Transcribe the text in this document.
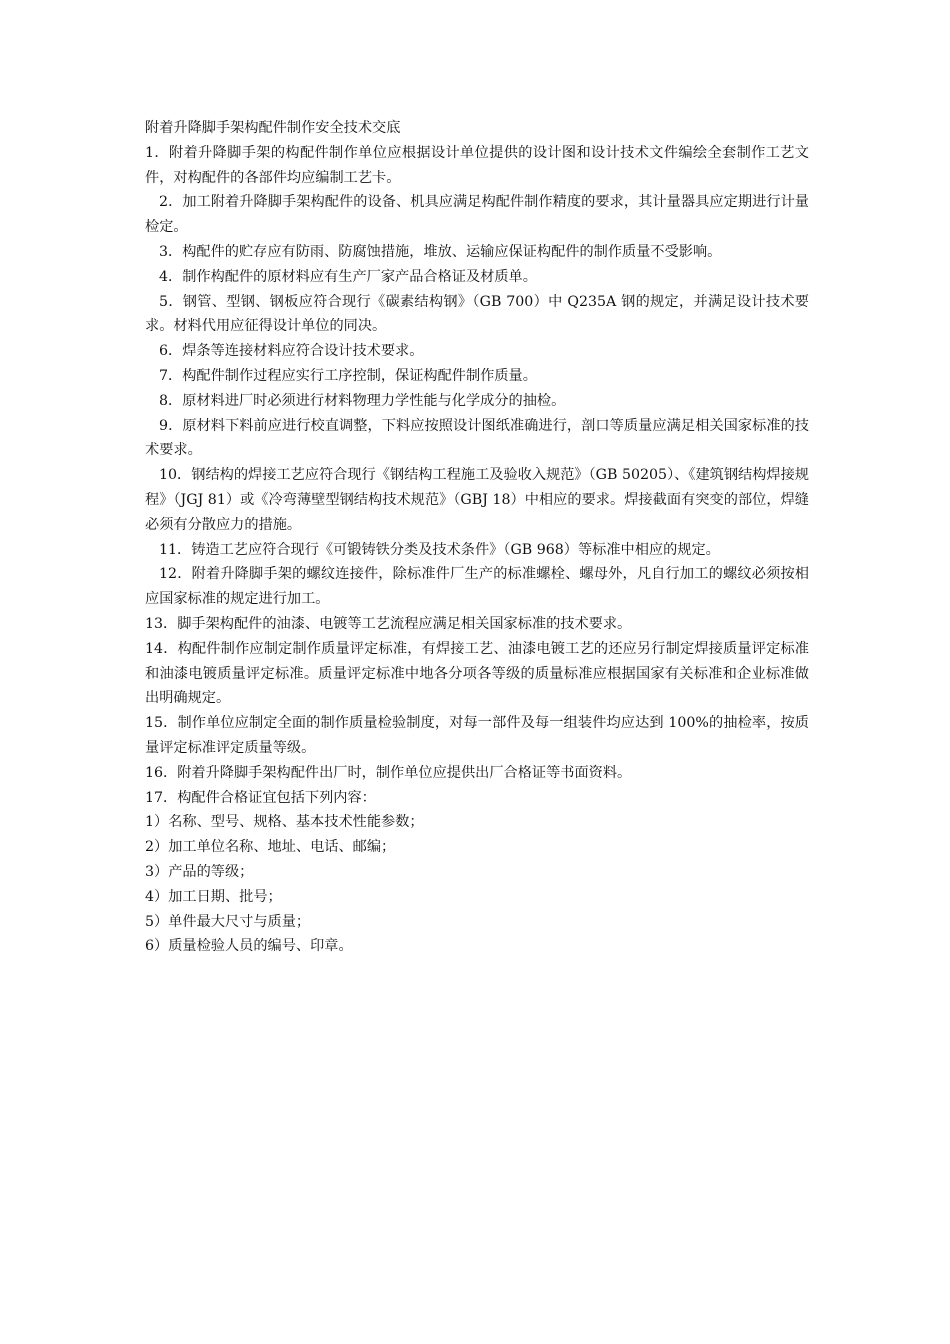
附着升降脚手架构配件制作安全技术交底

1．附着升降脚手架的构配件制作单位应根据设计单位提供的设计图和设计技术文件编绘全套制作工艺文件，对构配件的各部件均应编制工艺卡。

2．加工附着升降脚手架构配件的设备、机具应满足构配件制作精度的要求，其计量器具应定期进行计量检定。

3．构配件的贮存应有防雨、防腐蚀措施，堆放、运输应保证构配件的制作质量不受影响。

4．制作构配件的原材料应有生产厂家产品合格证及材质单。

5．钢管、型钢、钢板应符合现行《碳素结构钢》（GB 700）中 Q235A 钢的规定，并满足设计技术要求。材料代用应征得设计单位的同决。

6．焊条等连接材料应符合设计技术要求。

7．构配件制作过程应实行工序控制，保证构配件制作质量。

8．原材料进厂时必须进行材料物理力学性能与化学成分的抽检。

9．原材料下料前应进行校直调整，下料应按照设计图纸准确进行，剖口等质量应满足相关国家标准的技术要求。

10．钢结构的焊接工艺应符合现行《钢结构工程施工及验收入规范》（GB 50205）、《建筑钢结构焊接规程》（JGJ 81）或《冷弯薄壁型钢结构技术规范》（GBJ 18）中相应的要求。焊接截面有突变的部位，焊缝必须有分散应力的措施。

11．铸造工艺应符合现行《可锻铸铁分类及技术条件》（GB 968）等标准中相应的规定。

12．附着升降脚手架的螺纹连接件，除标准件厂生产的标准螺栓、螺母外，凡自行加工的螺纹必须按相应国家标准的规定进行加工。

13．脚手架构配件的油漆、电镀等工艺流程应满足相关国家标准的技术要求。

14．构配件制作应制定制作质量评定标准，有焊接工艺、油漆电镀工艺的还应另行制定焊接质量评定标准和油漆电镀质量评定标准。质量评定标准中地各分项各等级的质量标准应根据国家有关标准和企业标准做出明确规定。

15．制作单位应制定全面的制作质量检验制度，对每一部件及每一组装件均应达到 100%的抽检率，按质量评定标准评定质量等级。

16．附着升降脚手架构配件出厂时，制作单位应提供出厂合格证等书面资料。

17．构配件合格证宜包括下列内容：

1）名称、型号、规格、基本技术性能参数；

2）加工单位名称、地址、电话、邮编；

3）产品的等级；

4）加工日期、批号；

5）单件最大尺寸与质量；

6）质量检验人员的编号、印章。
